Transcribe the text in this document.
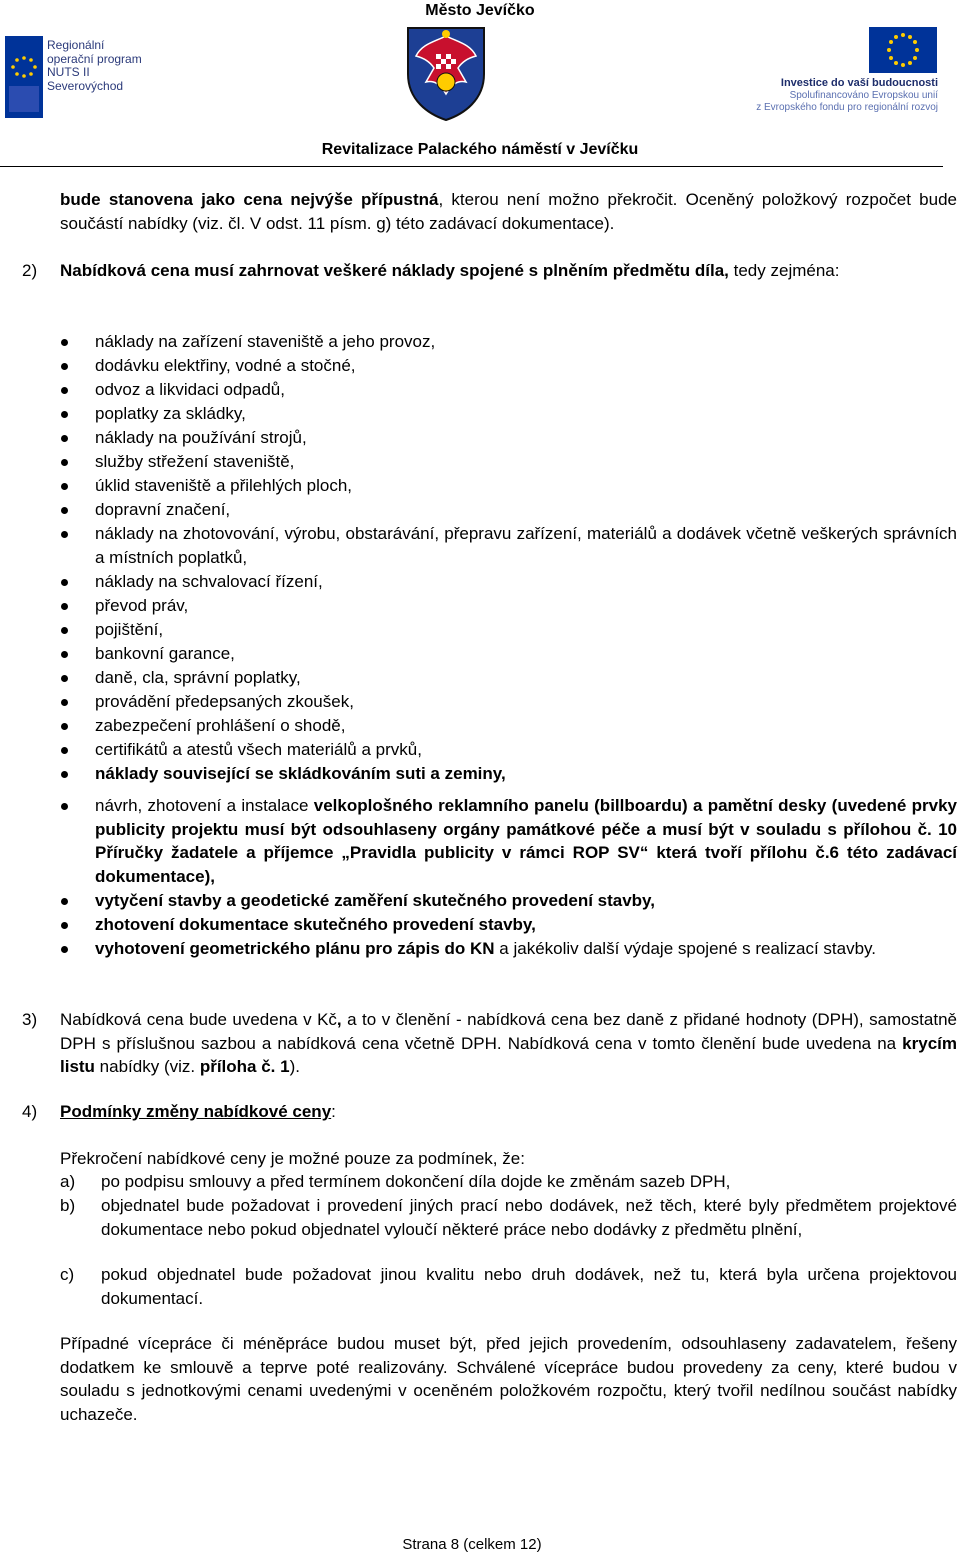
Město Jevíčko
Regionální
operační program
NUTS II Severovýchod	Investice do vaší budoucnosti
Spolufinancováno Evropskou unií
z Evropského fondu pro regionální rozvoj
Revitalizace Palackého náměstí v Jevíčku
bude stanovena jako cena nejvýše přípustná, kterou není možno překročit. Oceněný položkový rozpočet bude součástí nabídky (viz. čl. V odst. 11 písm. g) této zadávací dokumentace).
2) Nabídková cena musí zahrnovat veškeré náklady spojené s plněním předmětu díla, tedy zejména:
náklady na zařízení staveniště a jeho provoz,
dodávku elektřiny, vodné a stočné,
odvoz a likvidaci odpadů,
poplatky za skládky,
náklady na používání strojů,
služby střežení staveniště,
úklid staveniště a přilehlých ploch,
dopravní značení,
náklady na zhotovování, výrobu, obstarávání, přepravu zařízení, materiálů a dodávek včetně veškerých správních a místních poplatků,
náklady na schvalovací řízení,
převod práv,
pojištění,
bankovní garance,
daně, cla, správní poplatky,
provádění předepsaných zkoušek,
zabezpečení prohlášení o shodě,
certifikátů a atestů všech materiálů a prvků,
náklady související se skládkováním suti a zeminy,
návrh, zhotovení a instalace velkoplošného reklamního panelu (billboardu) a pamětní desky (uvedené prvky publicity projektu musí být odsouhlaseny orgány památkové péče a musí být v souladu s přílohou č. 10 Příručky žadatele a příjemce „Pravidla publicity v rámci ROP SV“ která tvoří přílohu č.6 této zadávací dokumentace),
vytyčení stavby a geodetické zaměření skutečného provedení stavby,
zhotovení dokumentace skutečného provedení stavby,
vyhotovení geometrického plánu pro zápis do KN a jakékoliv další výdaje spojené s realizací stavby.
3) Nabídková cena bude uvedena v Kč, a to v členění - nabídková cena bez daně z přidané hodnoty (DPH), samostatně DPH s příslušnou sazbou a nabídková cena včetně DPH. Nabídková cena v tomto členění bude uvedena na krycím listu nabídky (viz. příloha č. 1).
4) Podmínky změny nabídkové ceny:
Překročení nabídkové ceny je možné pouze za podmínek, že:
a) po podpisu smlouvy a před termínem dokončení díla dojde ke změnám sazeb DPH,
b) objednatel bude požadovat i provedení jiných prací nebo dodávek, než těch, které byly předmětem projektové dokumentace nebo pokud objednatel vyloučí některé práce nebo dodávky z předmětu plnění,
c) pokud objednatel bude požadovat jinou kvalitu nebo druh dodávek, než tu, která byla určena projektovou dokumentací.
Případné vícepráce či méněpráce budou muset být, před jejich provedením, odsouhlaseny zadavatelem, řešeny dodatkem ke smlouvě a teprve poté realizovány. Schválené vícepráce budou provedeny za ceny, které budou v souladu s jednotkovými cenami uvedenými v oceněném položkovém rozpočtu, který tvořil nedílnou součást nabídky uchazeče.
Strana 8 (celkem 12)
